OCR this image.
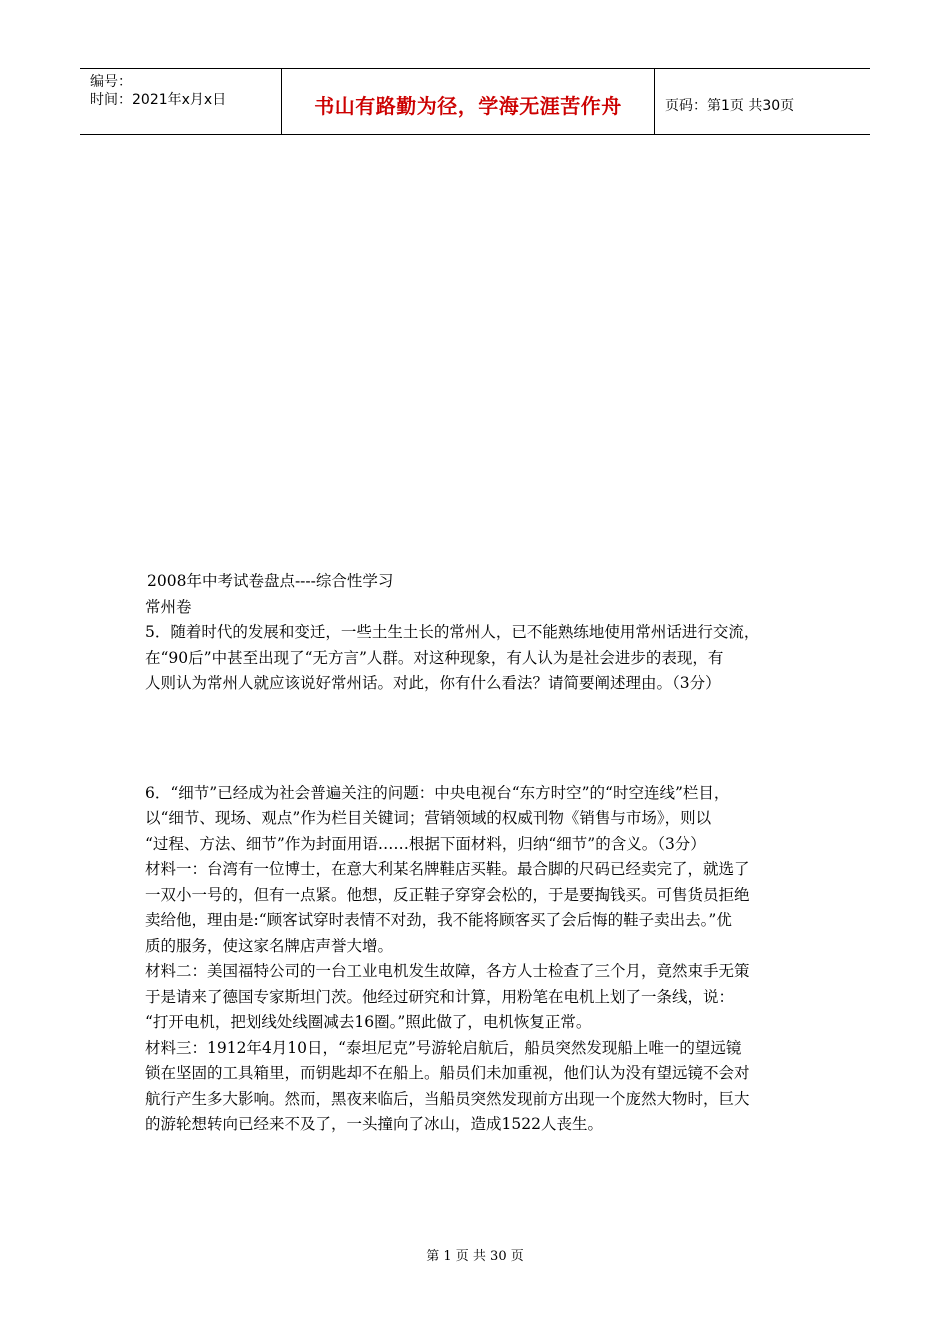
编号：
时间：2021年x月x日	书山有路勤为径，学海无涯苦作舟	页码：第1页 共30页

2008年中考试卷盘点----综合性学习

常州卷

5．随着时代的发展和变迁，一些土生土长的常州人，已不能熟练地使用常州话进行交流，

在“90后”中甚至出现了“无方言”人群。对这种现象，有人认为是社会进步的表现，有

人则认为常州人就应该说好常州话。对此，你有什么看法？请简要阐述理由。（3分）

6．“细节”已经成为社会普遍关注的问题：中央电视台“东方时空”的“时空连线”栏目，

以“细节、现场、观点”作为栏目关键词；营销领域的权威刊物《销售与市场》，则以

“过程、方法、细节”作为封面用语……根据下面材料，归纳“细节”的含义。（3分）

材料一：台湾有一位博士，在意大利某名牌鞋店买鞋。最合脚的尺码已经卖完了，就选了

一双小一号的，但有一点紧。他想，反正鞋子穿穿会松的，于是要掏钱买。可售货员拒绝

卖给他，理由是:“顾客试穿时表情不对劲，我不能将顾客买了会后悔的鞋子卖出去。”优

质的服务，使这家名牌店声誉大增。

材料二：美国福特公司的一台工业电机发生故障，各方人士检查了三个月，竟然束手无策

于是请来了德国专家斯坦门茨。他经过研究和计算，用粉笔在电机上划了一条线，说：

“打开电机，把划线处线圈减去16圈。”照此做了，电机恢复正常。

材料三：1912年4月10日，“泰坦尼克”号游轮启航后，船员突然发现船上唯一的望远镜

锁在坚固的工具箱里，而钥匙却不在船上。船员们未加重视，他们认为没有望远镜不会对

航行产生多大影响。然而，黑夜来临后，当船员突然发现前方出现一个庞然大物时，巨大

的游轮想转向已经来不及了，一头撞向了冰山，造成1522人丧生。

第 1 页 共 30 页
